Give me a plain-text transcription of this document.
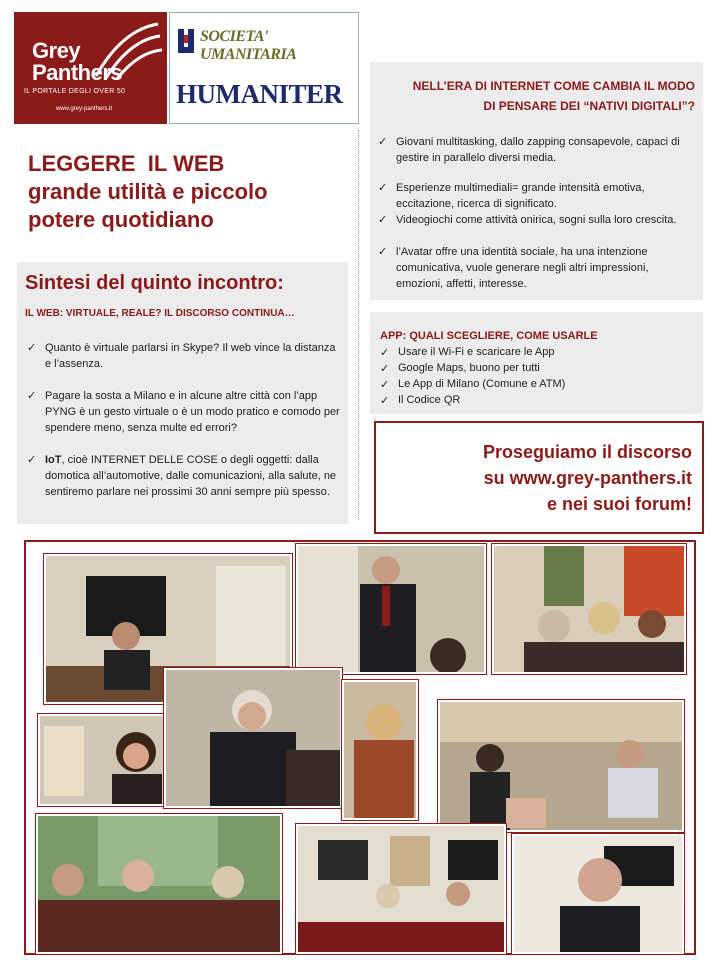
Grey
Panthers
IL PORTALE DEGLI OVER 50
www.grey-panthers.it
SOCIETA' UMANITARIA
HUMANITER
LEGGERE  IL WEB
grande utilità e piccolo
potere quotidiano
Sintesi del quinto incontro:
IL WEB: VIRTUALE, REALE? IL DISCORSO CONTINUA…
✓ Quanto è virtuale parlarsi in Skype? Il web vince la distanza e l’assenza.
✓ Pagare la sosta a Milano e in alcune altre città con l’app PYNG è un gesto virtuale o è un modo pratico e comodo per spendere meno, senza multe ed errori?
✓ IoT, cioè INTERNET DELLE COSE o degli oggetti: dalla domotica all’automotive, dalle comunicazioni, alla salute, ne sentiremo parlare nei prossimi 30 anni sempre più spesso.
NELL’ERA DI INTERNET COME CAMBIA IL MODO
DI PENSARE DEI “NATIVI DIGITALI”?
✓ Giovani multitasking, dallo zapping consapevole, capaci di gestire in parallelo diversi media.
✓ Esperienze multimediali= grande intensità emotiva, eccitazione, ricerca di significato.
✓ Videogiochi come attività onirica, sogni sulla loro crescita.
✓ l’Avatar offre una identità sociale, ha una intenzione comunicativa, vuole generare negli altri impressioni, emozioni, affetti, interesse.
APP: QUALI SCEGLIERE, COME USARLE
✓ Usare il Wi-Fi e scaricare le App
✓ Google Maps, buono per tutti
✓ Le App di Milano (Comune e ATM)
✓ Il Codice QR
Proseguiamo il discorso
su www.grey-panthers.it
e nei suoi forum!
